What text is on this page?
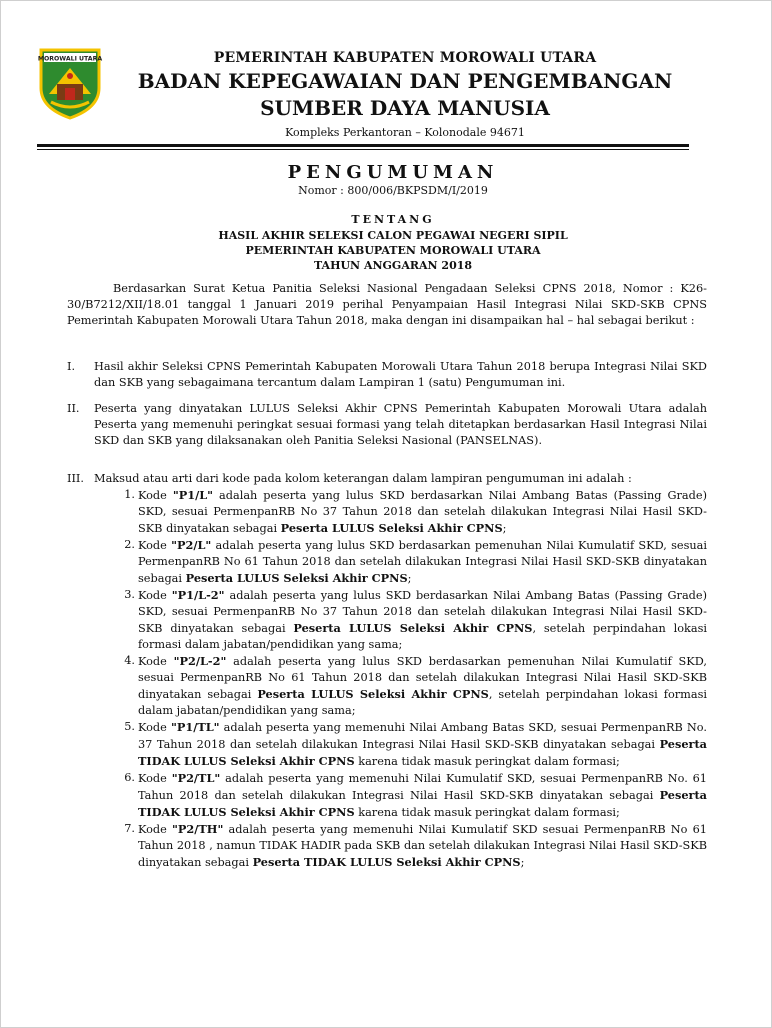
MOROWALI UTARA	PEMERINTAH KABUPATEN MOROWALI UTARA
BADAN KEPEGAWAIAN DAN PENGEMBANGAN
SUMBER DAYA MANUSIA
Kompleks Perkantoran – Kolonodale 94671
PENGUMUMAN
Nomor : 800/006/BKPSDM/I/2019
TENTANG
HASIL AKHIR SELEKSI CALON PEGAWAI NEGERI SIPIL
PEMERINTAH KABUPATEN MOROWALI UTARA
TAHUN ANGGARAN 2018
Berdasarkan Surat Ketua Panitia Seleksi Nasional Pengadaan Seleksi CPNS 2018, Nomor : K26-30/B7212/XII/18.01 tanggal 1 Januari 2019 perihal Penyampaian Hasil Integrasi Nilai SKD-SKB CPNS Pemerintah Kabupaten Morowali Utara Tahun 2018, maka dengan ini disampaikan hal – hal sebagai berikut :
I.	Hasil akhir Seleksi CPNS Pemerintah Kabupaten Morowali Utara Tahun 2018 berupa Integrasi Nilai SKD dan SKB yang sebagaimana tercantum dalam Lampiran 1 (satu) Pengumuman ini.
II.	Peserta yang dinyatakan LULUS Seleksi Akhir CPNS Pemerintah Kabupaten Morowali Utara adalah Peserta yang memenuhi peringkat sesuai formasi yang telah ditetapkan berdasarkan Hasil Integrasi Nilai SKD dan SKB yang dilaksanakan oleh Panitia Seleksi Nasional (PANSELNAS).
III. Maksud atau arti dari kode pada kolom keterangan dalam lampiran pengumuman ini adalah :
1. Kode "P1/L" adalah peserta yang lulus SKD berdasarkan Nilai Ambang Batas (Passing Grade) SKD, sesuai PermenpanRB No 37 Tahun 2018 dan setelah dilakukan Integrasi Nilai Hasil SKD-SKB dinyatakan sebagai Peserta LULUS Seleksi Akhir CPNS;
2. Kode "P2/L" adalah peserta yang lulus SKD berdasarkan pemenuhan Nilai Kumulatif SKD, sesuai PermenpanRB No 61 Tahun 2018 dan setelah dilakukan Integrasi Nilai Hasil SKD-SKB dinyatakan sebagai Peserta LULUS Seleksi Akhir CPNS;
3. Kode "P1/L-2" adalah peserta yang lulus SKD berdasarkan Nilai Ambang Batas (Passing Grade) SKD, sesuai PermenpanRB No 37 Tahun 2018 dan setelah dilakukan Integrasi Nilai Hasil SKD-SKB dinyatakan sebagai Peserta LULUS Seleksi Akhir CPNS, setelah perpindahan lokasi formasi dalam jabatan/pendidikan yang sama;
4. Kode "P2/L-2" adalah peserta yang lulus SKD berdasarkan pemenuhan Nilai Kumulatif SKD, sesuai PermenpanRB No 61 Tahun 2018 dan setelah dilakukan Integrasi Nilai Hasil SKD-SKB dinyatakan sebagai Peserta LULUS Seleksi Akhir CPNS, setelah perpindahan lokasi formasi dalam jabatan/pendidikan yang sama;
5. Kode "P1/TL" adalah peserta yang memenuhi Nilai Ambang Batas SKD, sesuai PermenpanRB No. 37 Tahun 2018 dan setelah dilakukan Integrasi Nilai Hasil SKD-SKB dinyatakan sebagai Peserta TIDAK LULUS Seleksi Akhir CPNS karena tidak masuk peringkat dalam formasi;
6. Kode "P2/TL" adalah peserta yang memenuhi Nilai Kumulatif SKD, sesuai PermenpanRB No. 61 Tahun 2018 dan setelah dilakukan Integrasi Nilai Hasil SKD-SKB dinyatakan sebagai Peserta TIDAK LULUS Seleksi Akhir CPNS karena tidak masuk peringkat dalam formasi;
7. Kode "P2/TH" adalah peserta yang memenuhi Nilai Kumulatif SKD sesuai PermenpanRB No 61 Tahun 2018 , namun TIDAK HADIR pada SKB dan setelah dilakukan Integrasi Nilai Hasil SKD-SKB dinyatakan sebagai Peserta TIDAK LULUS Seleksi Akhir CPNS;
